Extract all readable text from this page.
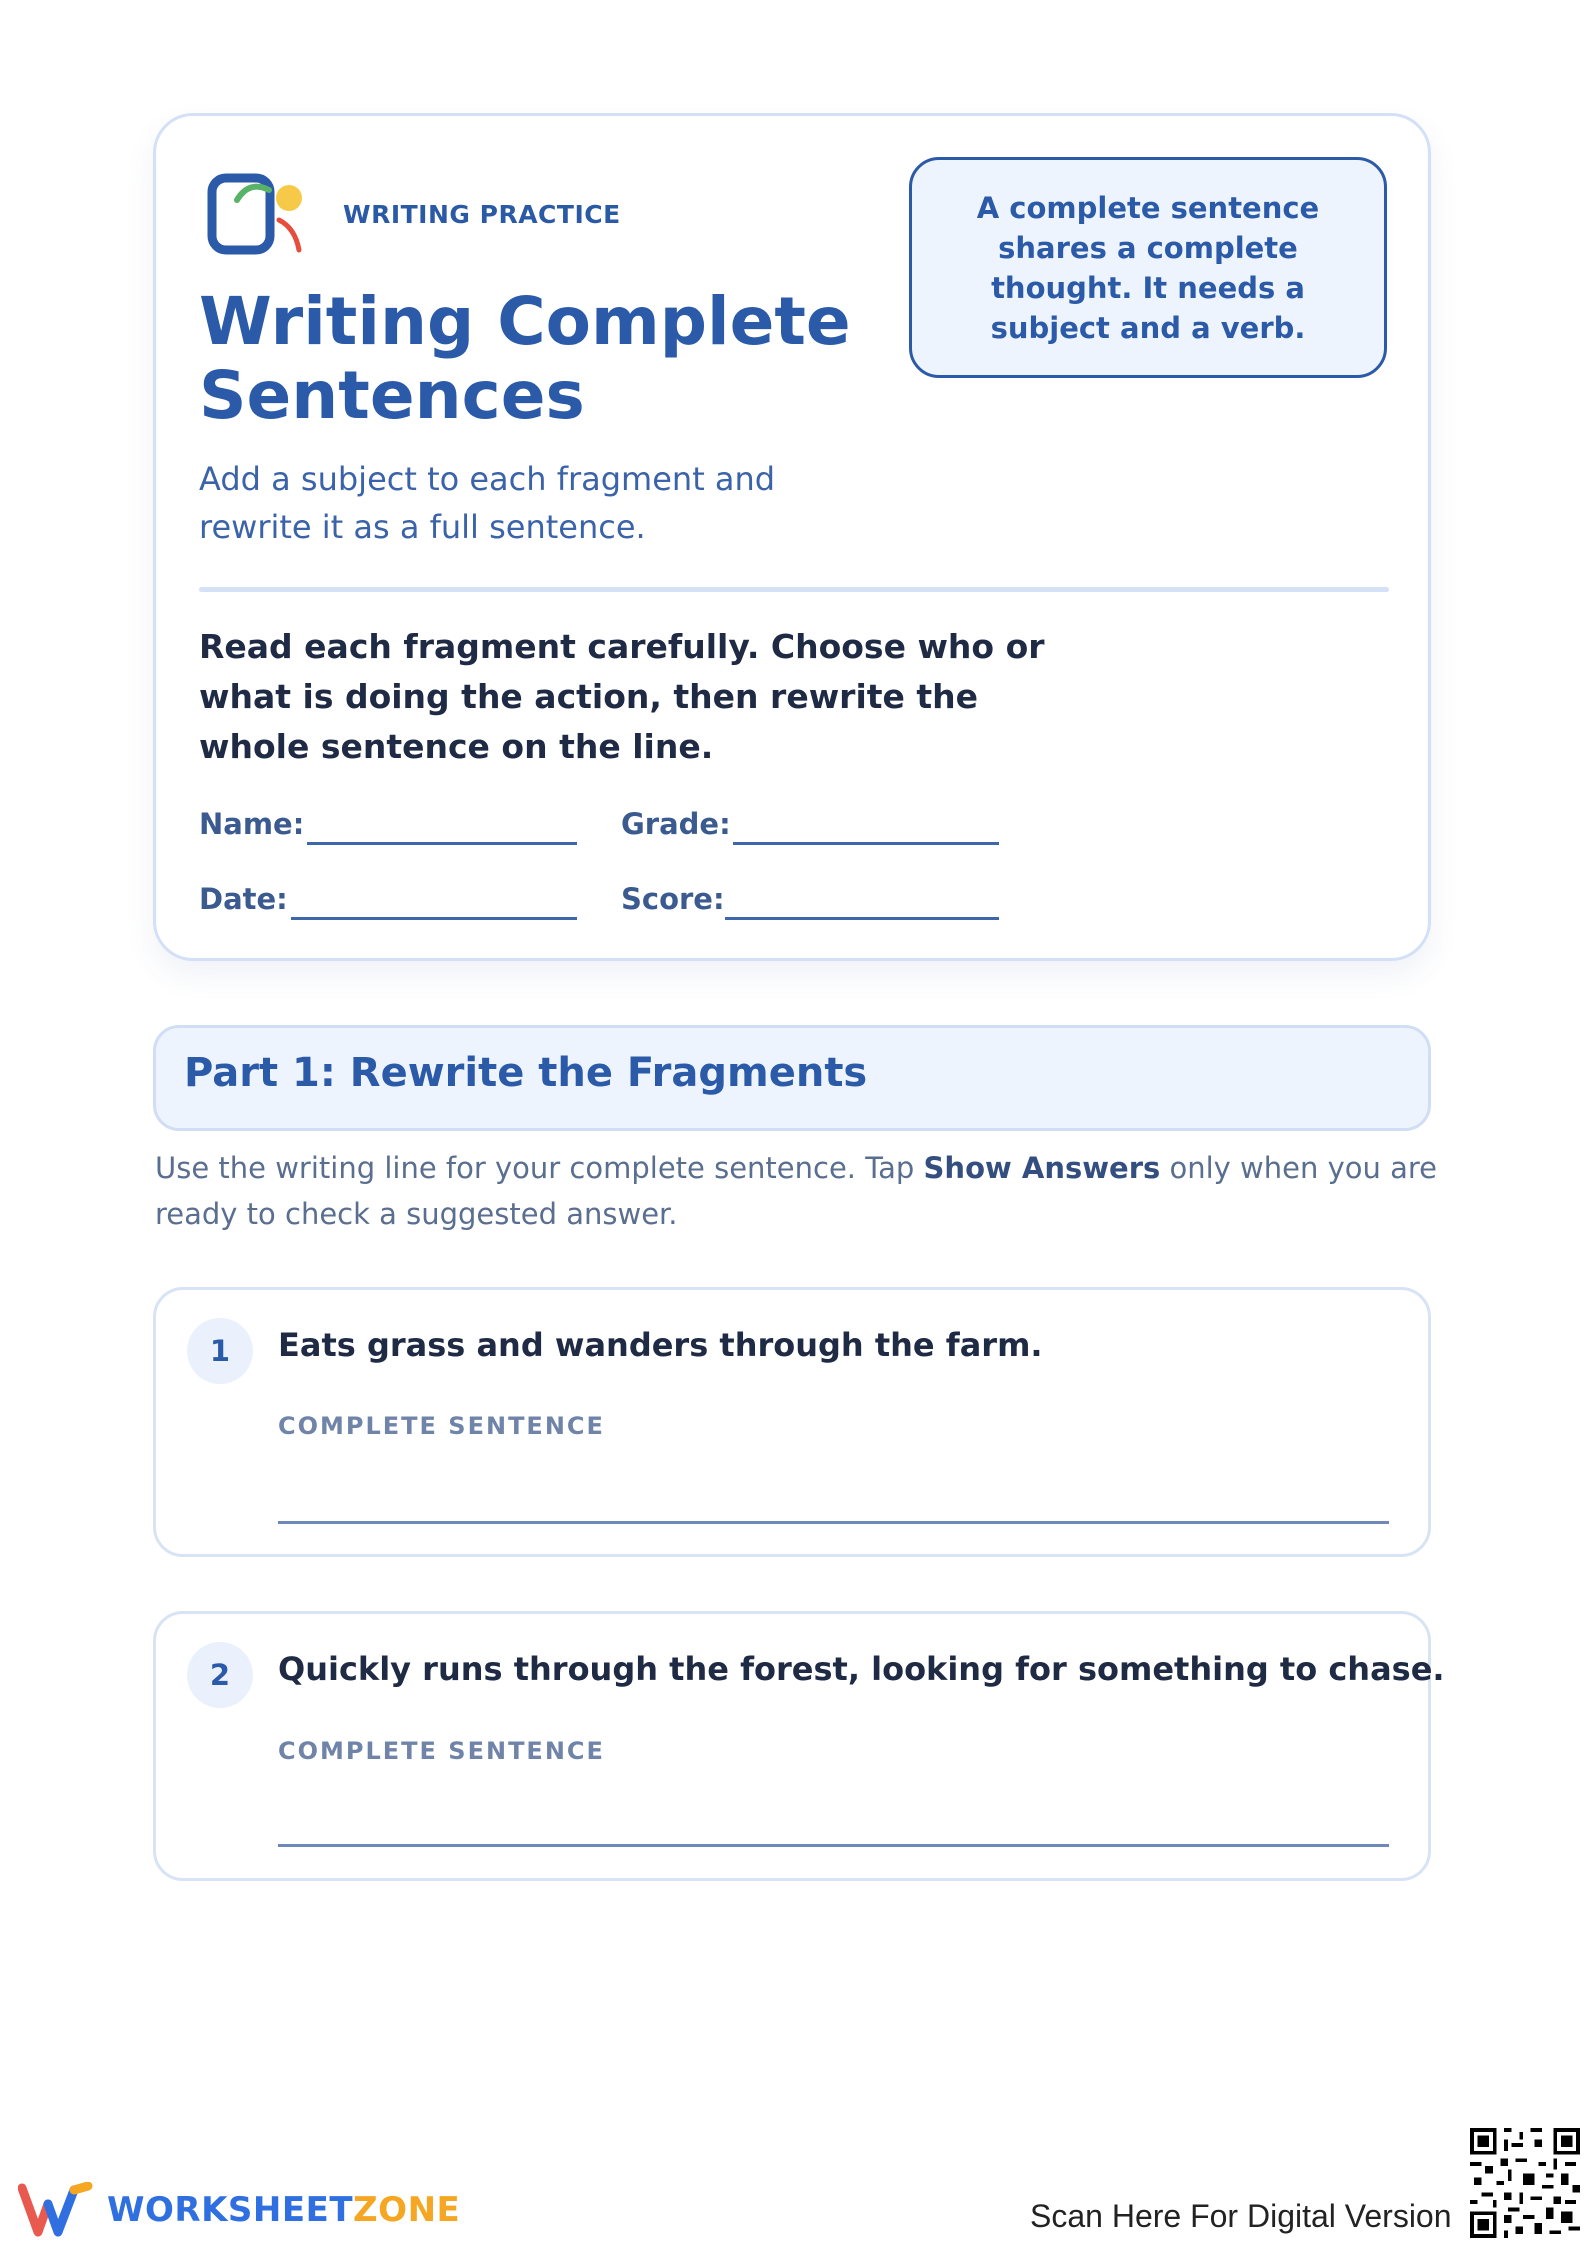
WRITING PRACTICE
Writing Complete Sentences

Add a subject to each fragment and rewrite it as a full sentence.

A complete sentence shares a complete thought. It needs a subject and a verb.

Read each fragment carefully. Choose who or what is doing the action, then rewrite the whole sentence on the line.

Name:	Grade:
Date:	Score:
Part 1: Rewrite the Fragments

Use the writing line for your complete sentence. Tap Show Answers only when you are ready to check a suggested answer.

1	Eats grass and wanders through the farm.

COMPLETE SENTENCE

2	Quickly runs through the forest, looking for something to chase.

COMPLETE SENTENCE

WORKSHEETZONE	Scan Here For Digital Version
